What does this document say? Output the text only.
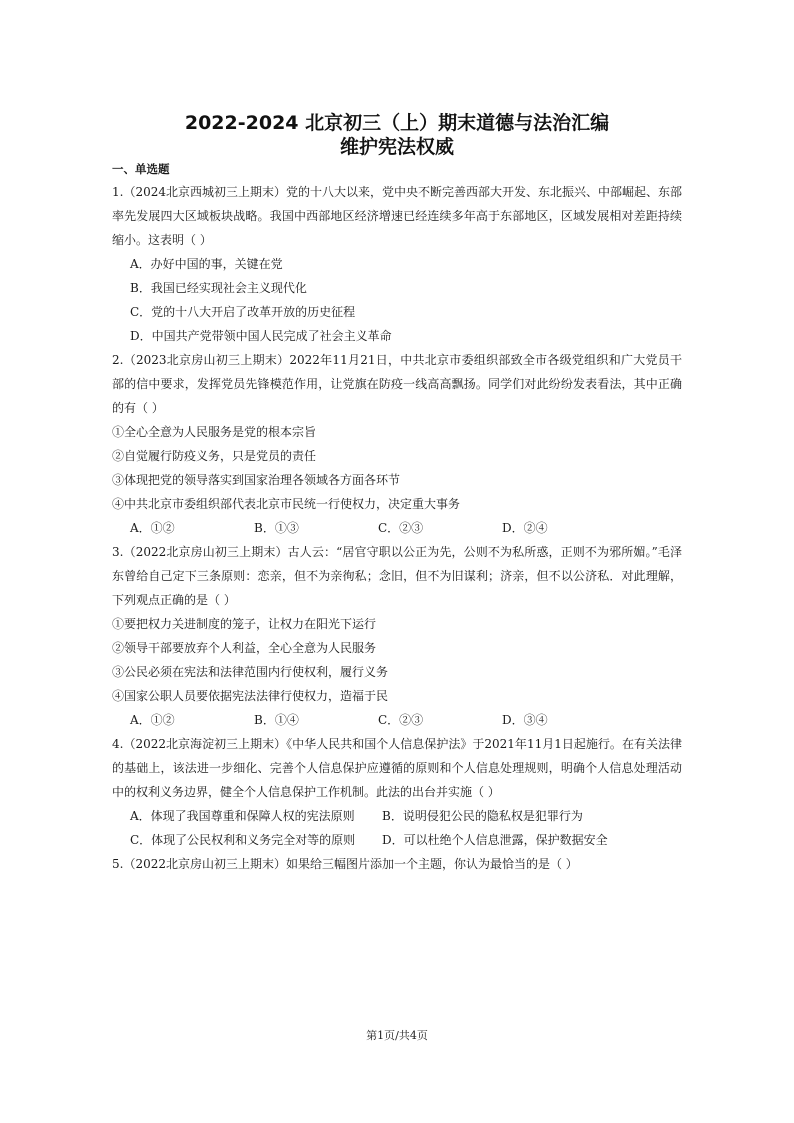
2022-2024 北京初三（上）期末道德与法治汇编
维护宪法权威
一、单选题
1.（2024北京西城初三上期末）党的十八大以来，党中央不断完善西部大开发、东北振兴、中部崛起、东部率先发展四大区域板块战略。我国中西部地区经济增速已经连续多年高于东部地区，区域发展相对差距持续缩小。这表明（ ）
A．办好中国的事，关键在党
B．我国已经实现社会主义现代化
C．党的十八大开启了改革开放的历史征程
D．中国共产党带领中国人民完成了社会主义革命
2.（2023北京房山初三上期末）2022年11月21日，中共北京市委组织部致全市各级党组织和广大党员干部的信中要求，发挥党员先锋模范作用，让党旗在防疫一线高高飘扬。同学们对此纷纷发表看法，其中正确的有（ ）
①全心全意为人民服务是党的根本宗旨
②自觉履行防疫义务，只是党员的责任
③体现把党的领导落实到国家治理各领域各方面各环节
④中共北京市委组织部代表北京市民统一行使权力，决定重大事务
A．①②	B．①③	C．②③	D．②④
3.（2022北京房山初三上期末）古人云：“居官守职以公正为先，公则不为私所惑，正则不为邪所媚。”毛泽东曾给自己定下三条原则：恋亲，但不为亲徇私；念旧，但不为旧谋利；济亲，但不以公济私．对此理解，下列观点正确的是（ ）
①要把权力关进制度的笼子，让权力在阳光下运行
②领导干部要放弃个人利益，全心全意为人民服务
③公民必须在宪法和法律范围内行使权利，履行义务
④国家公职人员要依据宪法法律行使权力，造福于民
A．①②	B．①④	C．②③	D．③④
4.（2022北京海淀初三上期末）《中华人民共和国个人信息保护法》于2021年11月1日起施行。在有关法律的基础上，该法进一步细化、完善个人信息保护应遵循的原则和个人信息处理规则，明确个人信息处理活动中的权利义务边界，健全个人信息保护工作机制。此法的出台并实施（ ）
A．体现了我国尊重和保障人权的宪法原则	B．说明侵犯公民的隐私权是犯罪行为
C．体现了公民权利和义务完全对等的原则	D．可以杜绝个人信息泄露，保护数据安全
5.（2022北京房山初三上期末）如果给三幅图片添加一个主题，你认为最恰当的是（ ）
第1页/共4页
